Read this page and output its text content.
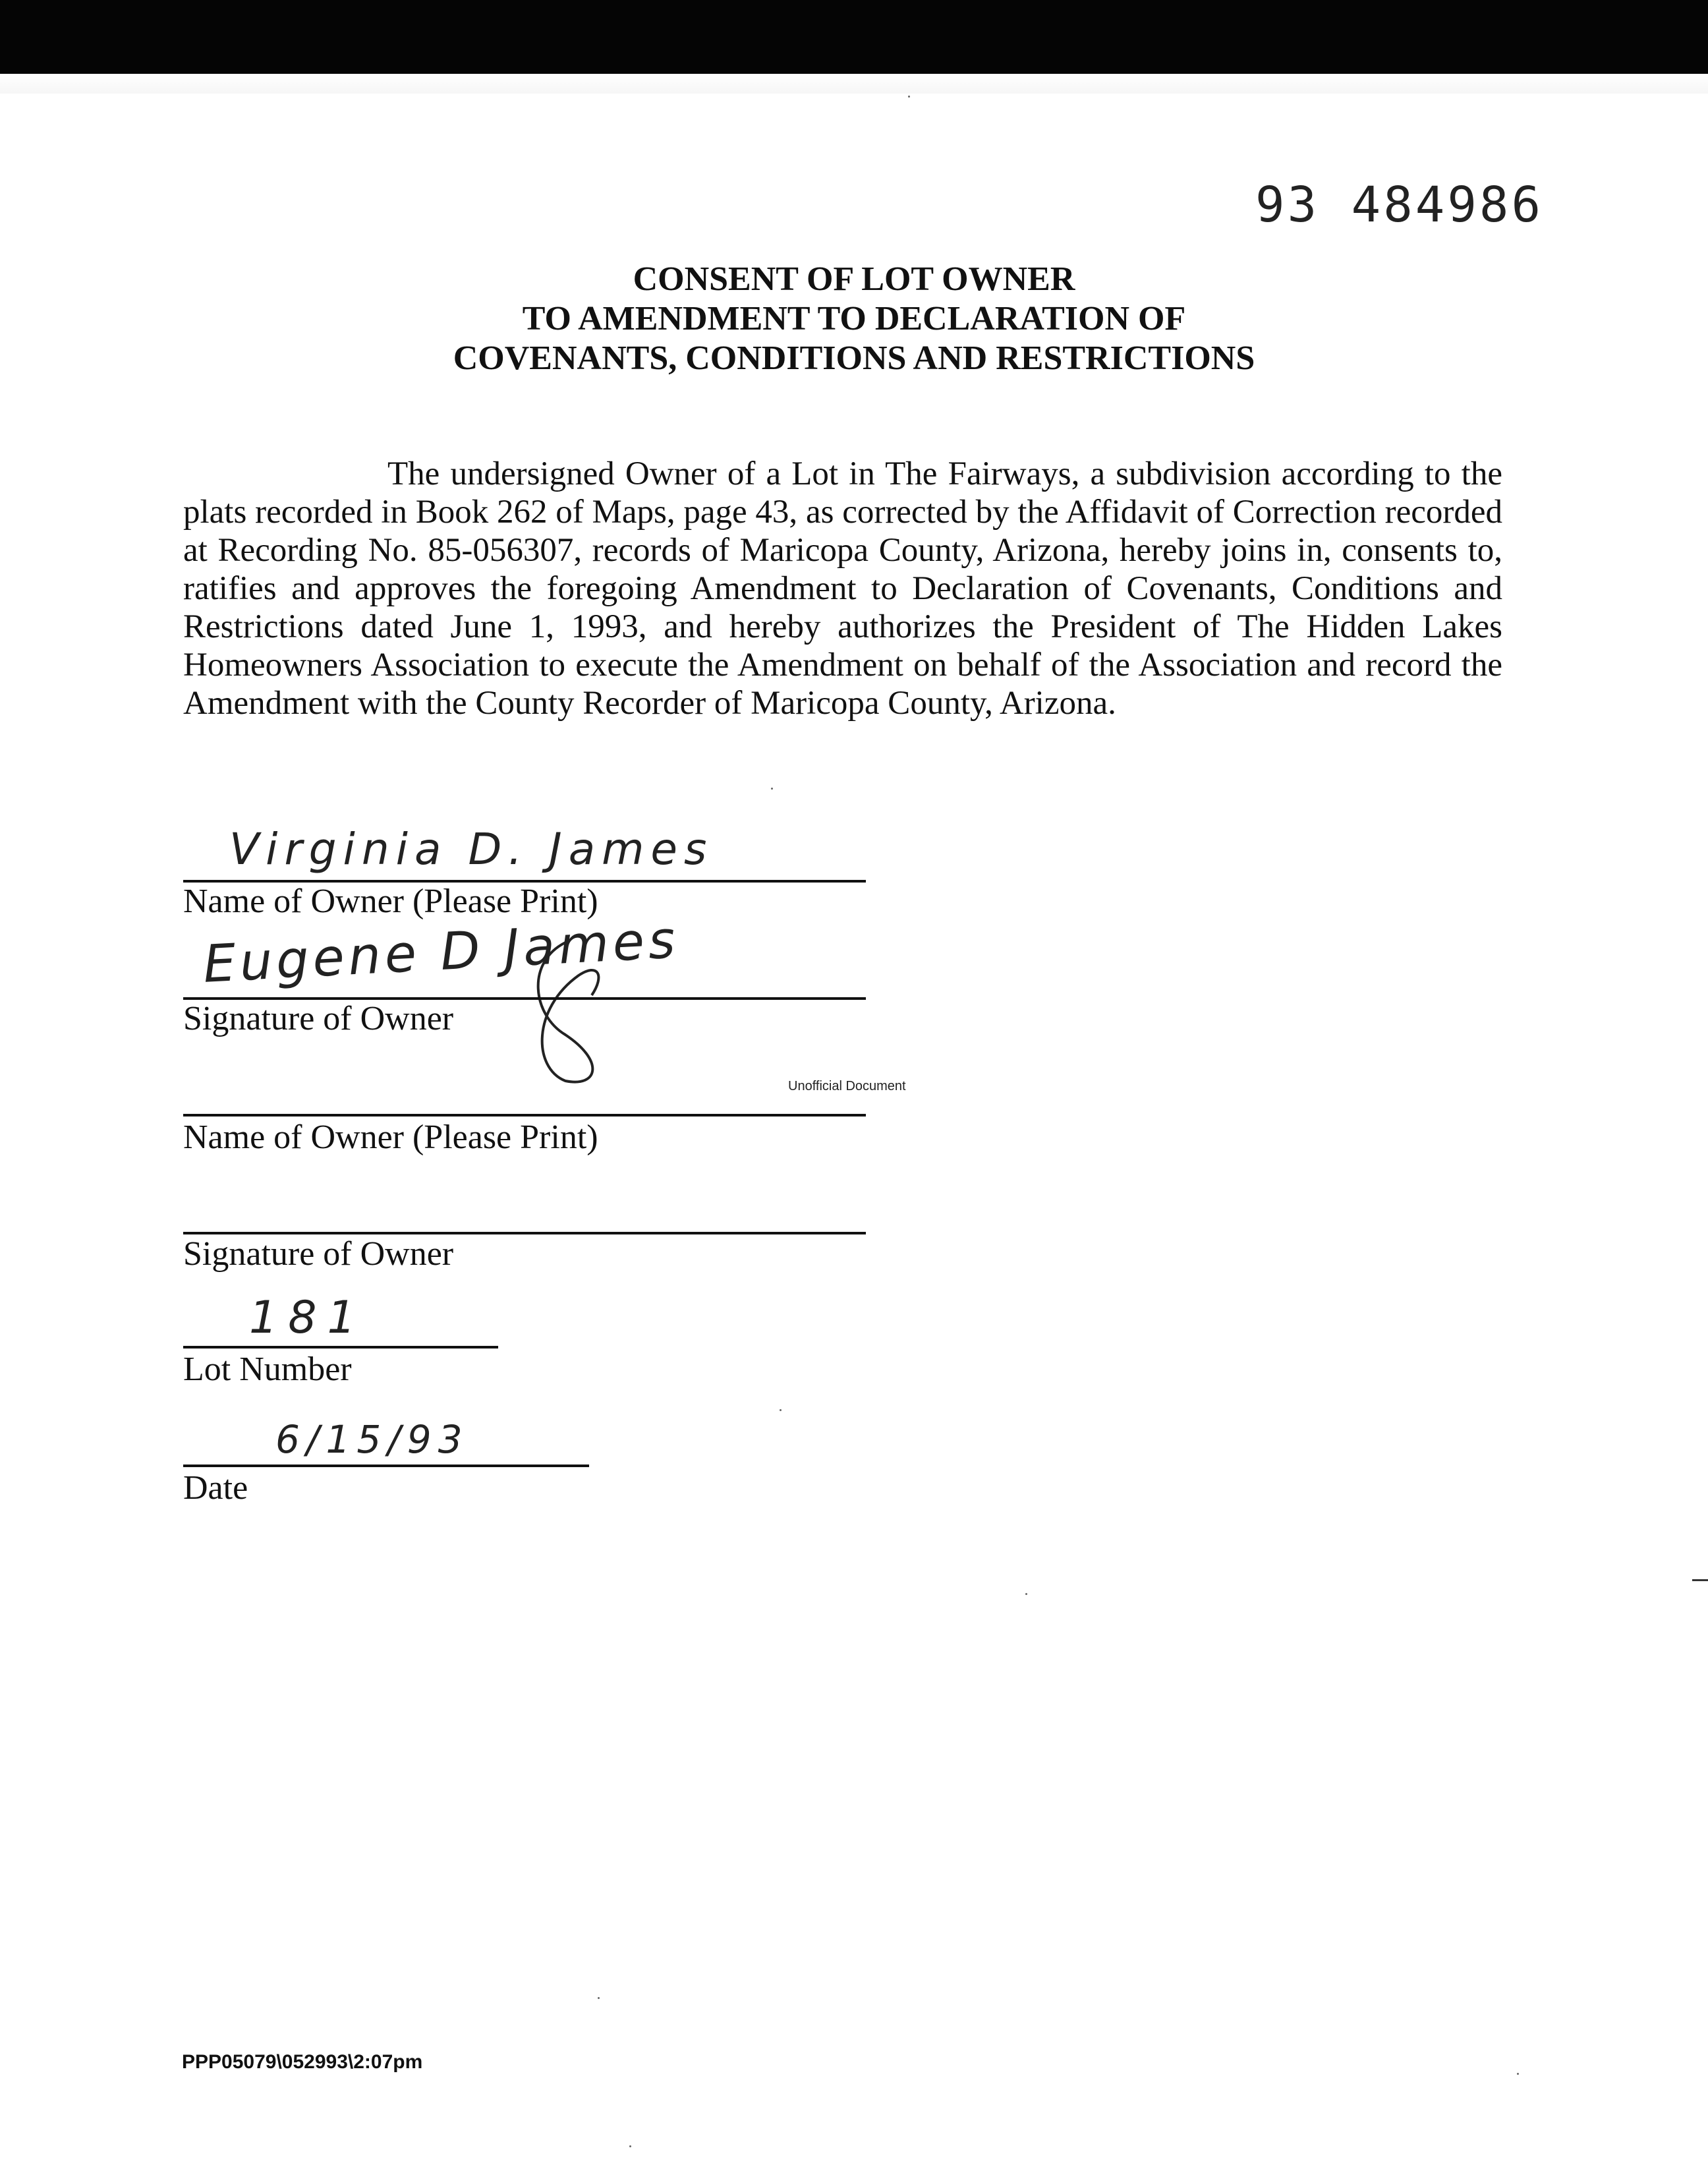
93 484986
CONSENT OF LOT OWNER
TO AMENDMENT TO DECLARATION OF
COVENANTS, CONDITIONS AND RESTRICTIONS
The undersigned Owner of a Lot in The Fairways, a subdivision according to the plats recorded in Book 262 of Maps, page 43, as corrected by the Affidavit of Correction recorded at Recording No. 85-056307, records of Maricopa County, Arizona, hereby joins in, consents to, ratifies and approves the foregoing Amendment to Declaration of Covenants, Conditions and Restrictions dated June 1, 1993, and hereby authorizes the President of The Hidden Lakes Homeowners Association to execute the Amendment on behalf of the Association and record the Amendment with the County Recorder of Maricopa County, Arizona.
Virginia D. James
Name of Owner (Please Print)
Eugene D James
Signature of Owner
Unofficial Document
Name of Owner (Please Print)
Signature of Owner
181
Lot Number
6/15/93
Date
PPP05079\052993\2:07pm
